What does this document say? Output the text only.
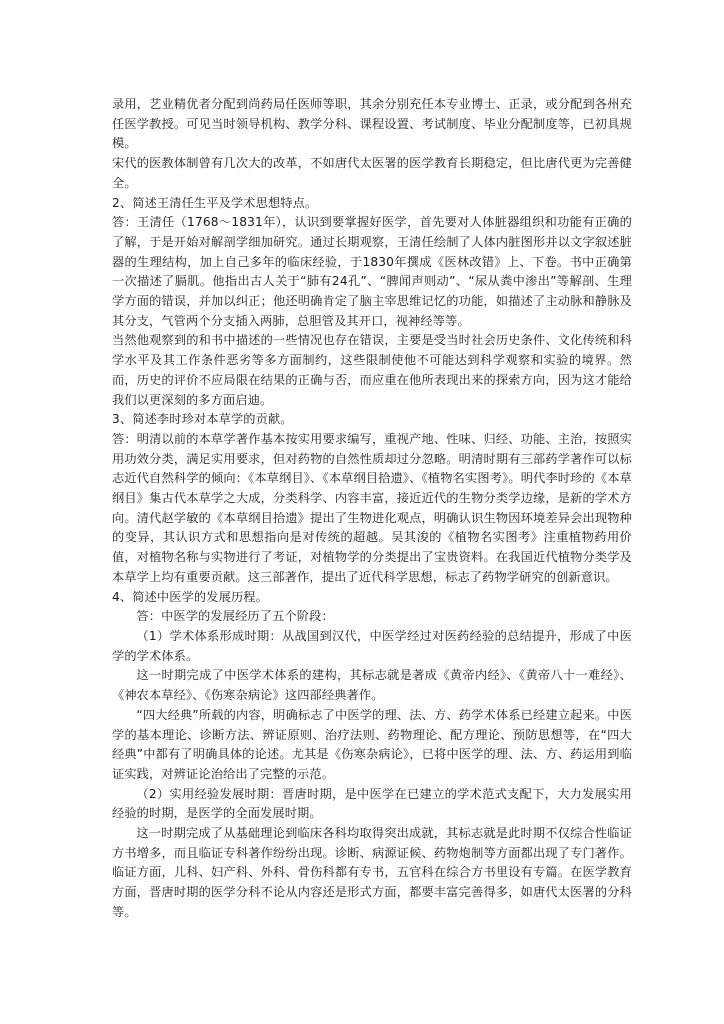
录用，艺业精优者分配到尚药局任医师等职，其余分别充任本专业博士、正录，或分配到各州充任医学教授。可见当时领导机构、教学分科、课程设置、考试制度、毕业分配制度等，已初具规模。

宋代的医教体制曾有几次大的改革，不如唐代太医署的医学教育长期稳定，但比唐代更为完善健全。

2、简述王清任生平及学术思想特点。

答：王清任（1768～1831年），认识到要掌握好医学，首先要对人体脏器组织和功能有正确的了解，于是开始对解剖学细加研究。通过长期观察，王清任绘制了人体内脏图形并以文字叙述脏器的生理结构，加上自己多年的临床经验，于1830年撰成《医林改错》上、下卷。书中正确第一次描述了膈肌。他指出古人关于“肺有24孔”、“脾闻声则动”、“尿从粪中渗出”等解剖、生理学方面的错误，并加以纠正；他还明确肯定了脑主宰思维记忆的功能，如描述了主动脉和静脉及其分支，气管两个分支插入两肺，总胆管及其开口，视神经等等。

当然他观察到的和书中描述的一些情况也存在错误，主要是受当时社会历史条件、文化传统和科学水平及其工作条件恶劣等多方面制约，这些限制使他不可能达到科学观察和实验的境界。然而，历史的评价不应局限在结果的正确与否，而应重在他所表现出来的探索方向，因为这才能给我们以更深刻的多方面启迪。

3、简述李时珍对本草学的贡献。

答：明清以前的本草学著作基本按实用要求编写，重视产地、性味、归经、功能、主治，按照实用功效分类，满足实用要求，但对药物的自然性质却过分忽略。明清时期有三部药学著作可以标志近代自然科学的倾向：《本草纲目》、《本草纲目拾遗》、《植物名实图考》。明代李时珍的《本草纲目》集古代本草学之大成，分类科学、内容丰富，接近近代的生物分类学边缘，是新的学术方向。清代赵学敏的《本草纲目拾遗》提出了生物进化观点，明确认识生物因环境差异会出现物种的变异，其认识方式和思想指向是对传统的超越。吴其浚的《植物名实图考》注重植物药用价值，对植物名称与实物进行了考证，对植物学的分类提出了宝贵资料。在我国近代植物分类学及本草学上均有重要贡献。这三部著作，提出了近代科学思想，标志了药物学研究的创新意识。

4、简述中医学的发展历程。

答：中医学的发展经历了五个阶段：

（1）学术体系形成时期：从战国到汉代，中医学经过对医药经验的总结提升，形成了中医学的学术体系。

这一时期完成了中医学术体系的建构，其标志就是著成《黄帝内经》、《黄帝八十一难经》、《神农本草经》、《伤寒杂病论》这四部经典著作。

“四大经典”所载的内容，明确标志了中医学的理、法、方、药学术体系已经建立起来。中医学的基本理论、诊断方法、辨证原则、治疗法则、药物理论、配方理论、预防思想等，在“四大经典”中都有了明确具体的论述。尤其是《伤寒杂病论》，已将中医学的理、法、方、药运用到临证实践，对辨证论治给出了完整的示范。

（2）实用经验发展时期：晋唐时期，是中医学在已建立的学术范式支配下，大力发展实用经验的时期，是医学的全面发展时期。

这一时期完成了从基础理论到临床各科均取得突出成就，其标志就是此时期不仅综合性临证方书增多，而且临证专科著作纷纷出现。诊断、病源证候、药物炮制等方面都出现了专门著作。临证方面，儿科、妇产科、外科、骨伤科都有专书，五官科在综合方书里设有专篇。在医学教育方面，晋唐时期的医学分科不论从内容还是形式方面，都要丰富完善得多，如唐代太医署的分科等。
